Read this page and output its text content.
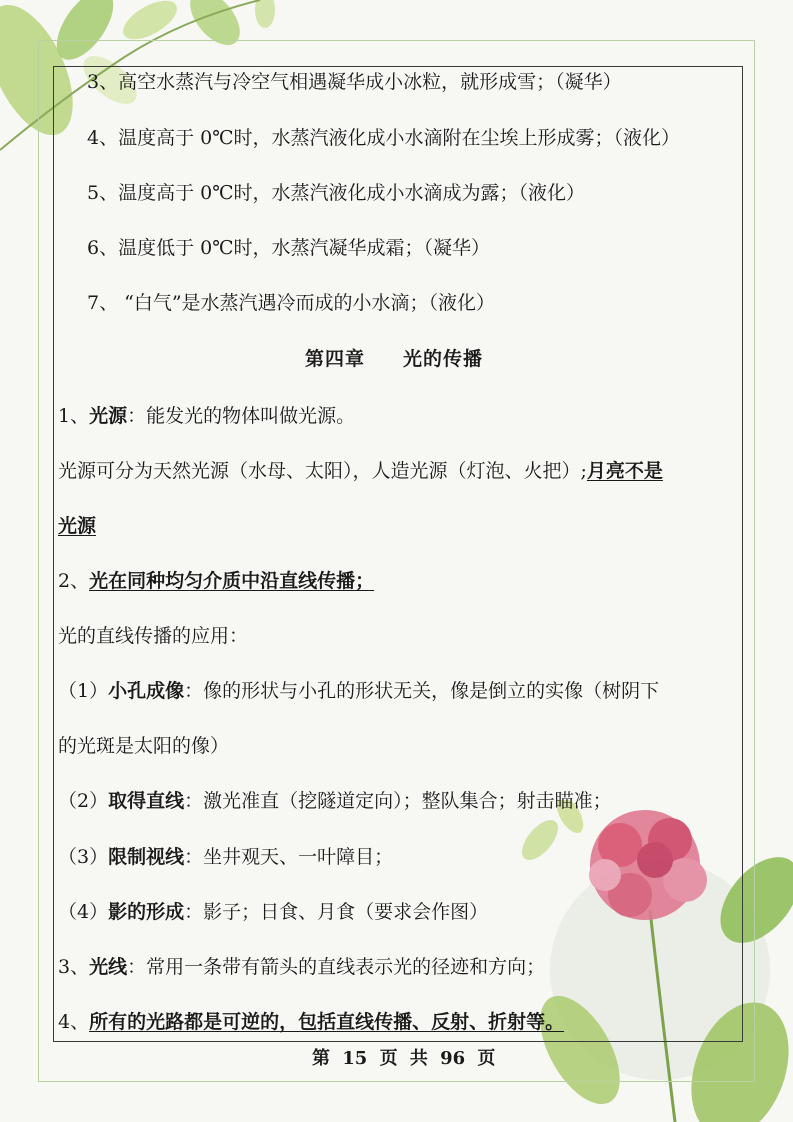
3、高空水蒸汽与冷空气相遇凝华成小冰粒，就形成雪；（凝华）
4、温度高于 0℃时，水蒸汽液化成小水滴附在尘埃上形成雾；（液化）
5、温度高于 0℃时，水蒸汽液化成小水滴成为露；（液化）
6、温度低于 0℃时，水蒸汽凝华成霜；（凝华）
7、 “白气”是水蒸汽遇冷而成的小水滴；（液化）
第四章 光的传播
1、光源：能发光的物体叫做光源。
光源可分为天然光源（水母、太阳），人造光源（灯泡、火把）;月亮不是
光源
2、光在同种均匀介质中沿直线传播；
光的直线传播的应用：
（1）小孔成像：像的形状与小孔的形状无关，像是倒立的实像（树阴下
的光斑是太阳的像）
（2）取得直线：激光准直（挖隧道定向）；整队集合；射击瞄准；
（3）限制视线：坐井观天、一叶障目；
（4）影的形成：影子；日食、月食（要求会作图）
3、光线：常用一条带有箭头的直线表示光的径迹和方向；
4、所有的光路都是可逆的，包括直线传播、反射、折射等。
第 15 页 共 96 页
